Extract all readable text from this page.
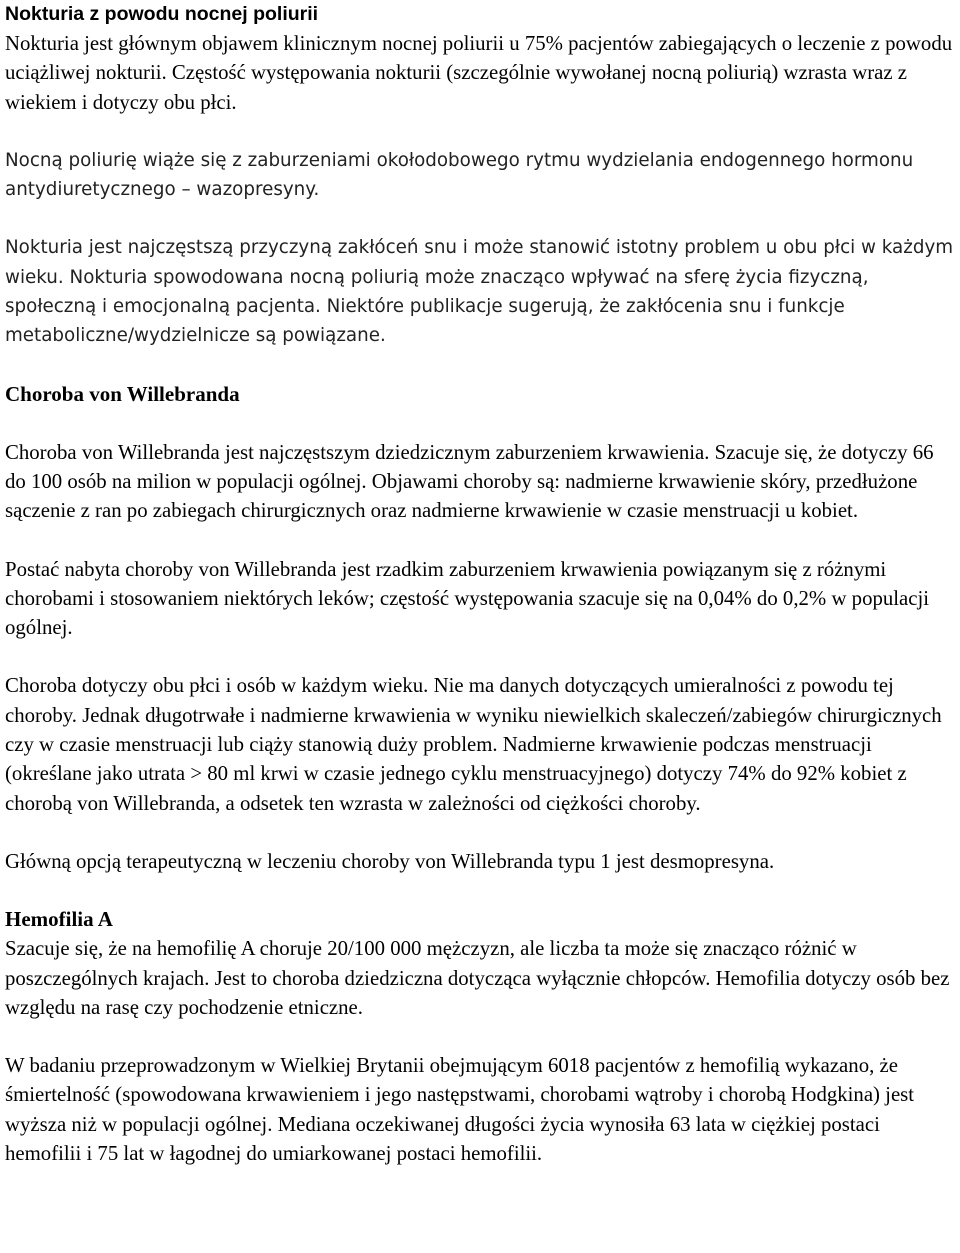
Nokturia z powodu nocnej poliurii

Nokturia jest głównym objawem klinicznym nocnej poliurii u 75% pacjentów zabiegających o leczenie z powodu uciążliwej nokturii. Częstość występowania nokturii (szczególnie wywołanej nocną poliurią) wzrasta wraz z wiekiem i dotyczy obu płci.

Nocną poliurię wiąże się z zaburzeniami okołodobowego rytmu wydzielania endogennego hormonu antydiuretycznego – wazopresyny.

Nokturia jest najczęstszą przyczyną zakłóceń snu i może stanowić istotny problem u obu płci w każdym wieku. Nokturia spowodowana nocną poliurią może znacząco wpływać na sferę życia fizyczną, społeczną i emocjonalną pacjenta. Niektóre publikacje sugerują, że zakłócenia snu i funkcje metaboliczne/wydzielnicze są powiązane.

Choroba von Willebranda

Choroba von Willebranda jest najczęstszym dziedzicznym zaburzeniem krwawienia. Szacuje się, że dotyczy 66 do 100 osób na milion w populacji ogólnej. Objawami choroby są: nadmierne krwawienie skóry, przedłużone sączenie z ran po zabiegach chirurgicznych oraz nadmierne krwawienie w czasie menstruacji u kobiet.

Postać nabyta choroby von Willebranda jest rzadkim zaburzeniem krwawienia powiązanym się z różnymi chorobami i stosowaniem niektórych leków; częstość występowania szacuje się na 0,04% do 0,2% w populacji ogólnej.

Choroba dotyczy obu płci i osób w każdym wieku. Nie ma danych dotyczących umieralności z powodu tej choroby. Jednak długotrwałe i nadmierne krwawienia w wyniku niewielkich skaleczeń/zabiegów chirurgicznych czy w czasie menstruacji lub ciąży stanowią duży problem. Nadmierne krwawienie podczas menstruacji (określane jako utrata > 80 ml krwi w czasie jednego cyklu menstruacyjnego) dotyczy 74% do 92% kobiet z chorobą von Willebranda, a odsetek ten wzrasta w zależności od ciężkości choroby.

Główną opcją terapeutyczną w leczeniu choroby von Willebranda typu 1 jest desmopresyna.

Hemofilia A

Szacuje się, że na hemofilię A choruje 20/100 000 mężczyzn, ale liczba ta może się znacząco różnić w poszczególnych krajach. Jest to choroba dziedziczna dotycząca wyłącznie chłopców. Hemofilia dotyczy osób bez względu na rasę czy pochodzenie etniczne.

W badaniu przeprowadzonym w Wielkiej Brytanii obejmującym 6018 pacjentów z hemofilią wykazano, że śmiertelność (spowodowana krwawieniem i jego następstwami, chorobami wątroby i chorobą Hodgkina) jest wyższa niż w populacji ogólnej. Mediana oczekiwanej długości życia wynosiła 63 lata w ciężkiej postaci hemofilii i 75 lat w łagodnej do umiarkowanej postaci hemofilii.
